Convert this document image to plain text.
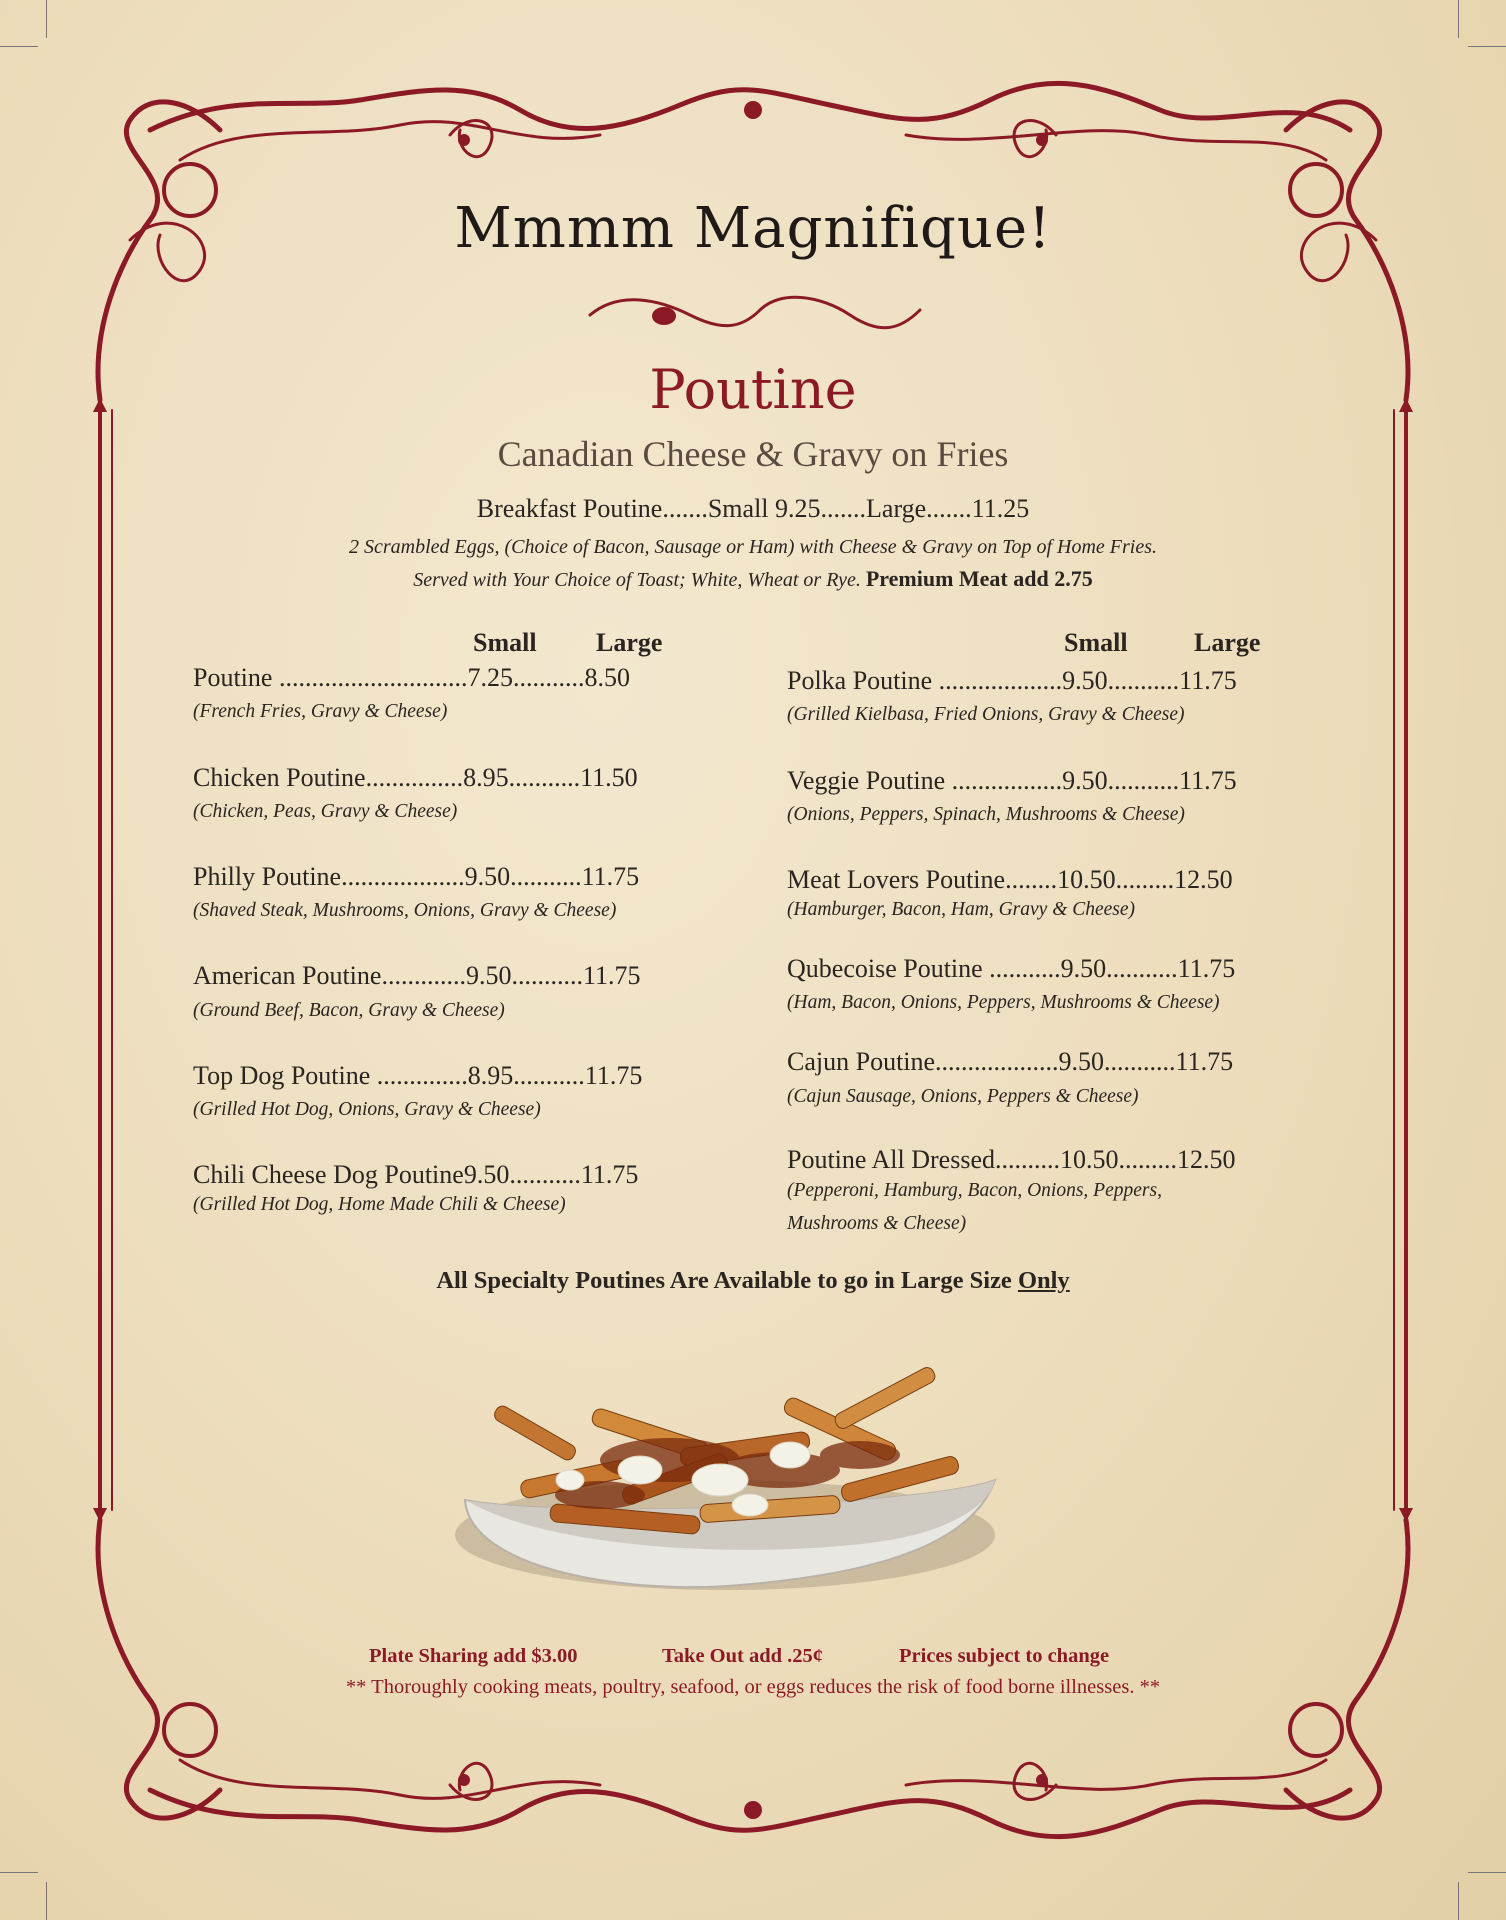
Mmmm Magnifique!
Poutine
Canadian Cheese & Gravy on Fries
Breakfast Poutine.......Small 9.25.......Large.......11.25
2 Scrambled Eggs, (Choice of Bacon, Sausage or Ham) with Cheese & Gravy on Top of Home Fries.
Served with Your Choice of Toast; White, Wheat or Rye. Premium Meat add 2.75
Small Large	Small	Large
Poutine .............................7.25...........8.50
(French Fries, Gravy & Cheese)
Chicken Poutine...............8.95...........11.50
(Chicken, Peas, Gravy & Cheese)
Philly Poutine...................9.50...........11.75
(Shaved Steak, Mushrooms, Onions, Gravy & Cheese)
American Poutine.............9.50...........11.75
(Ground Beef, Bacon, Gravy & Cheese)
Top Dog Poutine ..............8.95...........11.75
(Grilled Hot Dog, Onions, Gravy & Cheese)
Chili Cheese Dog Poutine9.50...........11.75
(Grilled Hot Dog, Home Made Chili & Cheese)
Polka Poutine ...................9.50...........11.75
(Grilled Kielbasa, Fried Onions, Gravy & Cheese)
Veggie Poutine .................9.50...........11.75
(Onions, Peppers, Spinach, Mushrooms & Cheese)
Meat Lovers Poutine........10.50.........12.50
(Hamburger, Bacon, Ham, Gravy & Cheese)
Qubecoise Poutine ...........9.50...........11.75
(Ham, Bacon, Onions, Peppers, Mushrooms & Cheese)
Cajun Poutine...................9.50...........11.75
(Cajun Sausage, Onions, Peppers & Cheese)
Poutine All Dressed..........10.50.........12.50
(Pepperoni, Hamburg, Bacon, Onions, Peppers,
Mushrooms & Cheese)
All Specialty Poutines Are Available to go in Large Size Only
Plate Sharing add $3.00	Take Out add .25¢	Prices subject to change
** Thoroughly cooking meats, poultry, seafood, or eggs reduces the risk of food borne illnesses. **
